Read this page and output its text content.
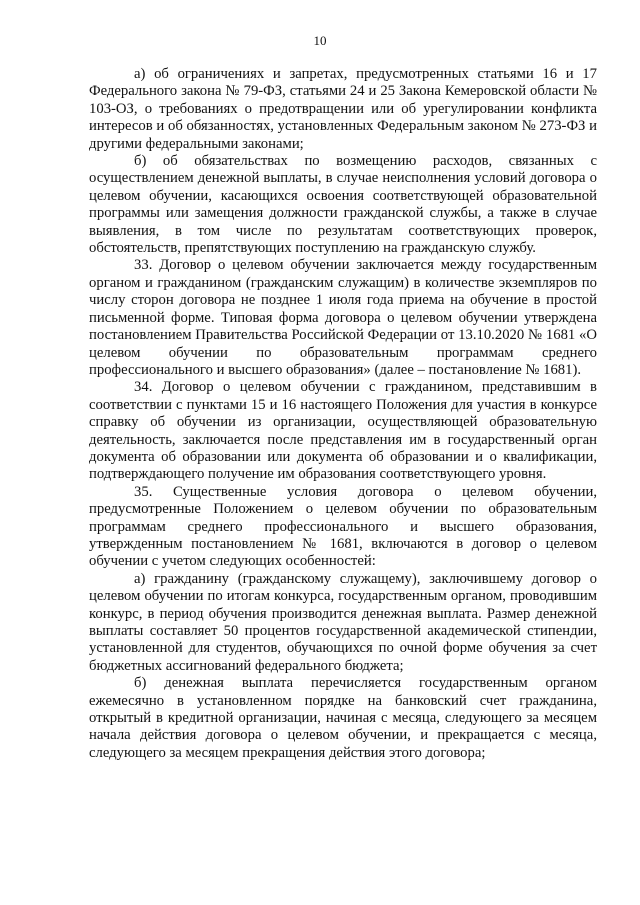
10

а) об ограничениях и запретах, предусмотренных статьями 16 и 17 Федерального закона № 79-ФЗ, статьями 24 и 25 Закона Кемеровской области № 103-ОЗ, о требованиях о предотвращении или об урегулировании конфликта интересов и об обязанностях, установленных Федеральным законом № 273-ФЗ и другими федеральными законами;

б) об обязательствах по возмещению расходов, связанных с осуществлением денежной выплаты, в случае неисполнения условий договора о целевом обучении, касающихся освоения соответствующей образовательной программы или замещения должности гражданской службы, а также в случае выявления, в том числе по результатам соответствующих проверок, обстоятельств, препятствующих поступлению на гражданскую службу.

33. Договор о целевом обучении заключается между государственным органом и гражданином (гражданским служащим) в количестве экземпляров по числу сторон договора не позднее 1 июля года приема на обучение в простой письменной форме. Типовая форма договора о целевом обучении утверждена постановлением Правительства Российской Федерации от 13.10.2020 № 1681 «О целевом обучении по образовательным программам среднего профессионального и высшего образования» (далее – постановление № 1681).

34. Договор о целевом обучении с гражданином, представившим в соответствии с пунктами 15 и 16 настоящего Положения для участия в конкурсе справку об обучении из организации, осуществляющей образовательную деятельность, заключается после представления им в государственный орган документа об образовании или документа об образовании и о квалификации, подтверждающего получение им образования соответствующего уровня.

35. Существенные условия договора о целевом обучении, предусмотренные Положением о целевом обучении по образовательным программам среднего профессионального и высшего образования, утвержденным постановлением № 1681, включаются в договор о целевом обучении с учетом следующих особенностей:

а) гражданину (гражданскому служащему), заключившему договор о целевом обучении по итогам конкурса, государственным органом, проводившим конкурс, в период обучения производится денежная выплата. Размер денежной выплаты составляет 50 процентов государственной академической стипендии, установленной для студентов, обучающихся по очной форме обучения за счет бюджетных ассигнований федерального бюджета;

б) денежная выплата перечисляется государственным органом ежемесячно в установленном порядке на банковский счет гражданина, открытый в кредитной организации, начиная с месяца, следующего за месяцем начала действия договора о целевом обучении, и прекращается с месяца, следующего за месяцем прекращения действия этого договора;
